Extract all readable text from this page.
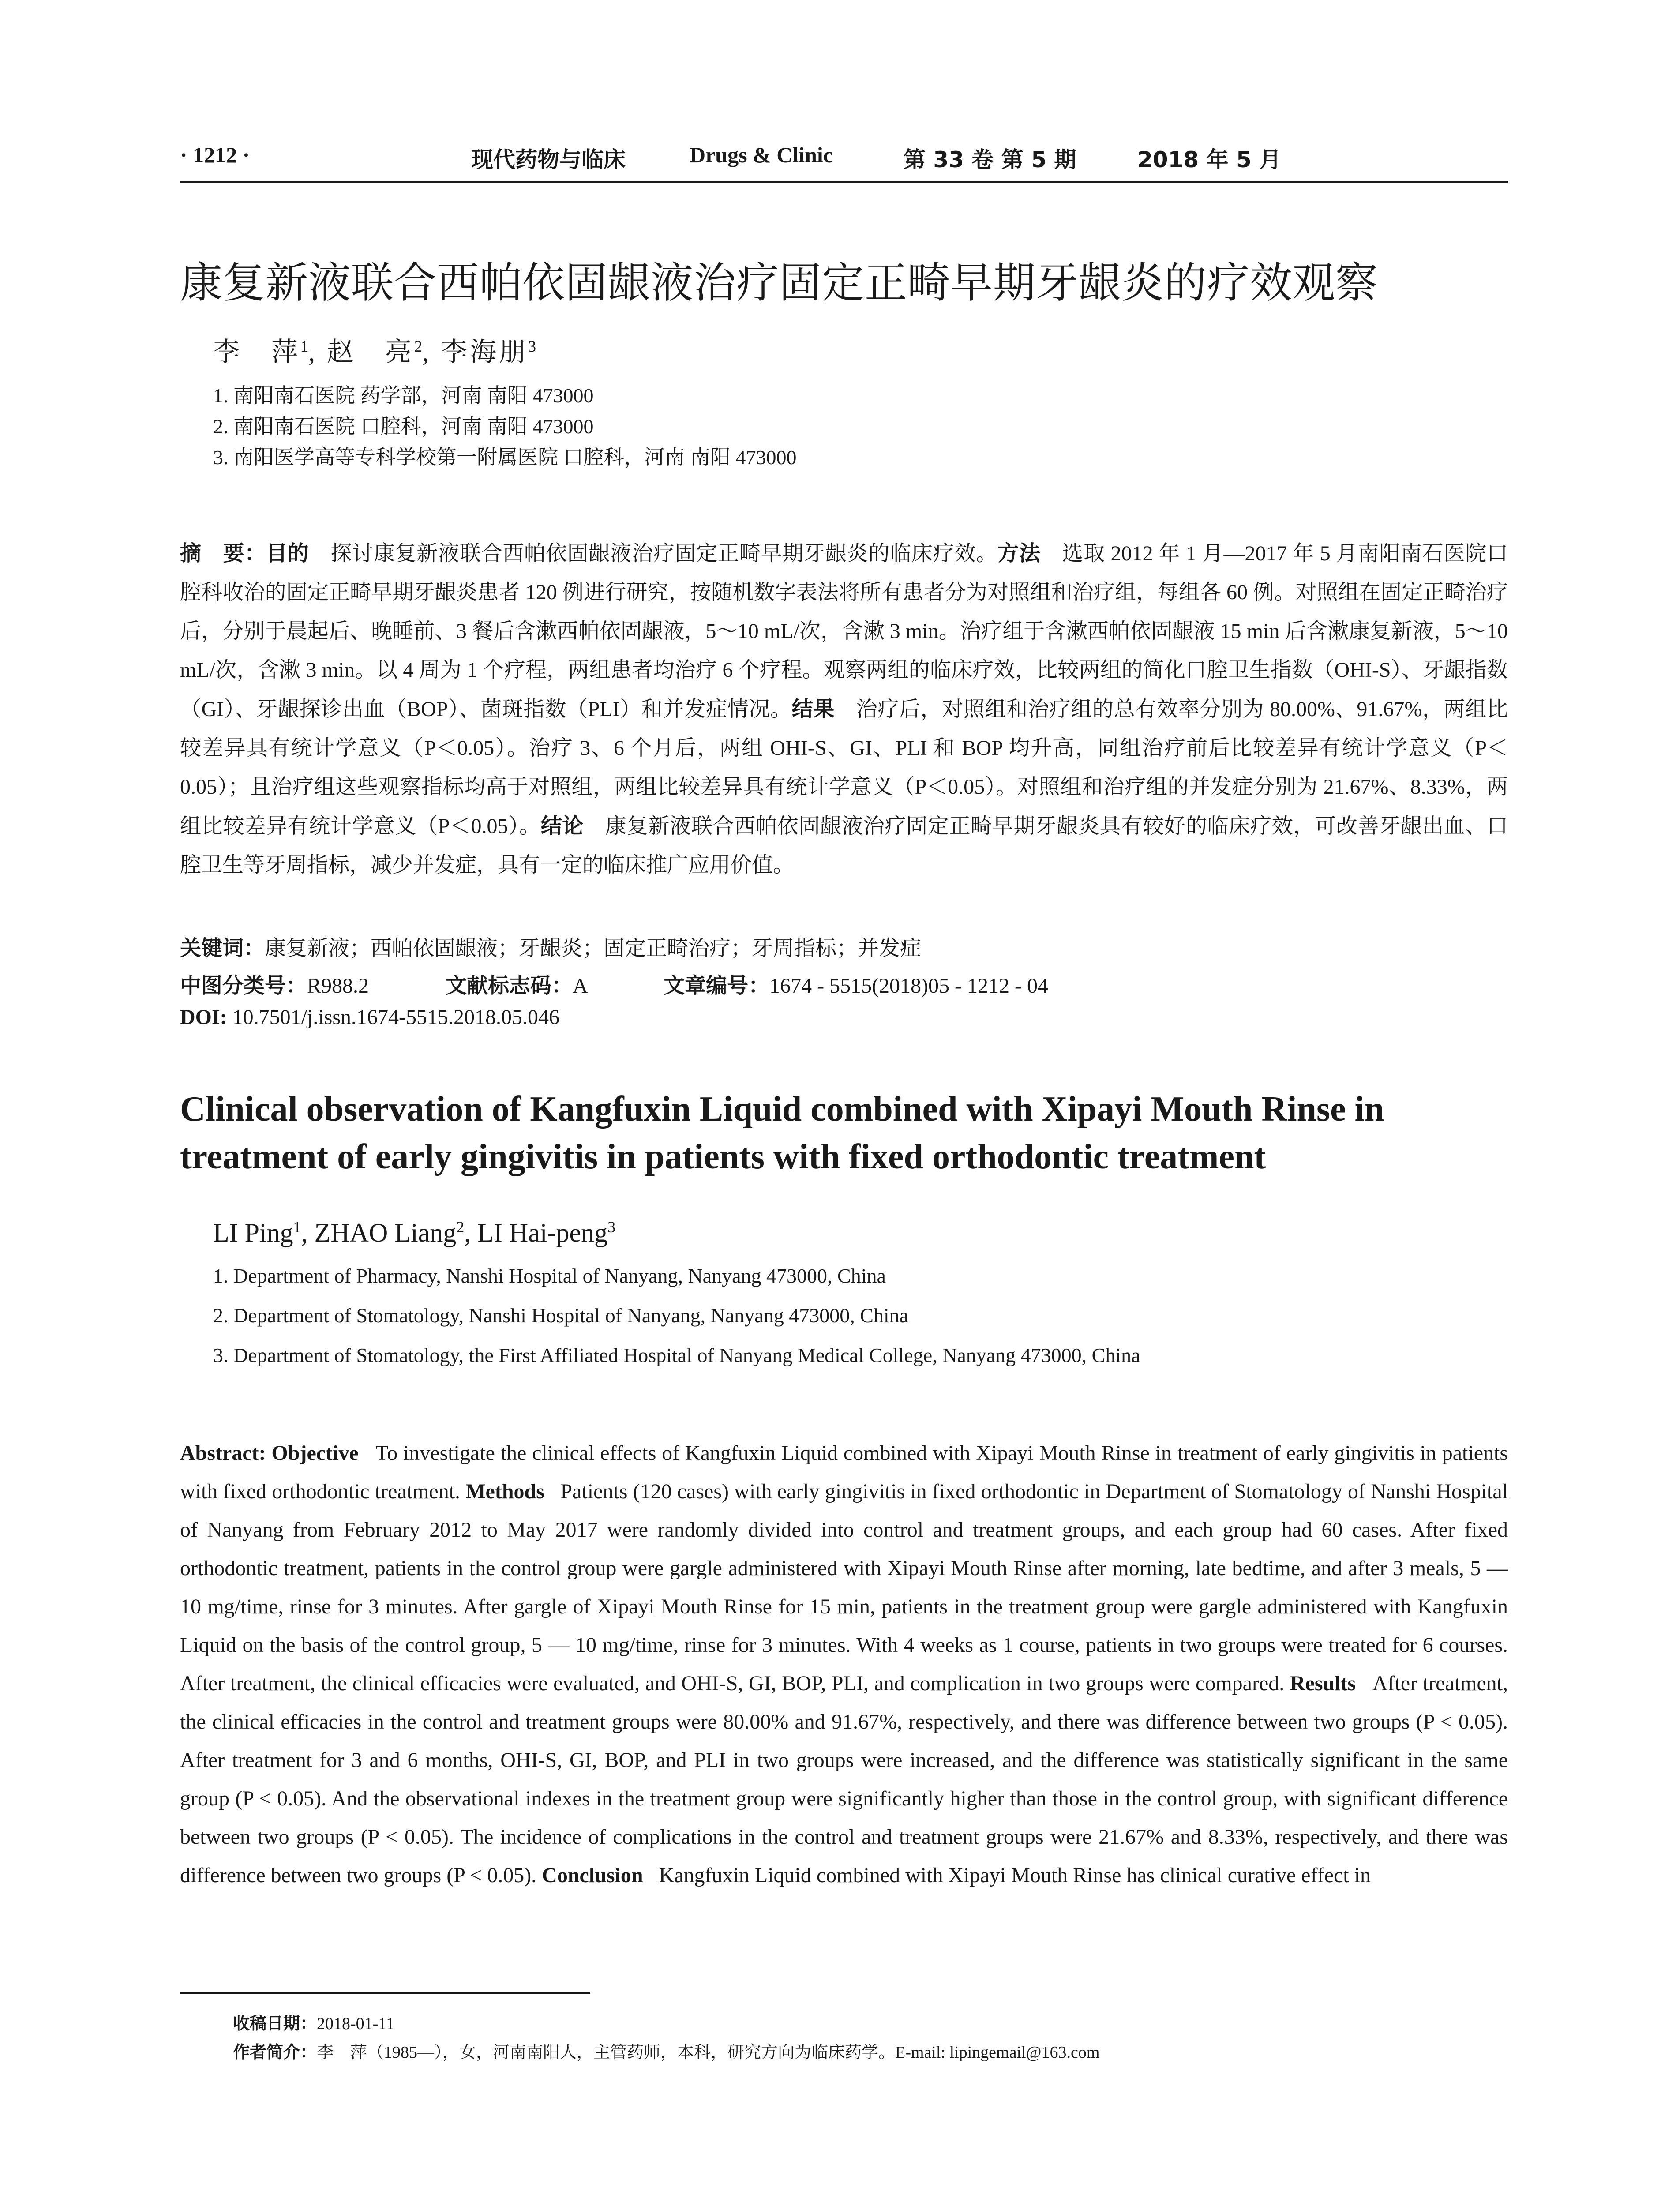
· 1212 ·	现代药物与临床	Drugs & Clinic	第 33 卷 第 5 期	2018 年 5 月
康复新液联合西帕依固龈液治疗固定正畸早期牙龈炎的疗效观察
李　萍$^1$, 赵　亮$^2$, 李海朋$^3$
1. 南阳南石医院 药学部，河南 南阳 473000
2. 南阳南石医院 口腔科，河南 南阳 473000
3. 南阳医学高等专科学校第一附属医院 口腔科，河南 南阳 473000
摘　要：目的　 探讨康复新液联合西帕依固龈液治疗固定正畸早期牙龈炎的临床疗效。方法　 选取 2012 年 1 月—2017 年 5 月南阳南石医院口腔科收治的固定正畸早期牙龈炎患者 120 例进行研究，按随机数字表法将所有患者分为对照组和治疗组，每组各 60 例。对照组在固定正畸治疗后，分别于晨起后、晚睡前、3 餐后含漱西帕依固龈液，5～10 mL/次，含漱 3 min。治疗组于含漱西帕依固龈液 15 min 后含漱康复新液，5～10 mL/次，含漱 3 min。以 4 周为 1 个疗程，两组患者均治疗 6 个疗程。观察两组的临床疗效，比较两组的简化口腔卫生指数（OHI-S）、牙龈指数（GI）、牙龈探诊出血（BOP）、菌斑指数（PLI）和并发症情况。结果　 治疗后，对照组和治疗组的总有效率分别为 80.00%、91.67%，两组比较差异具有统计学意义（P＜0.05）。治疗 3、6 个月后，两组 OHI-S、GI、PLI 和 BOP 均升高，同组治疗前后比较差异有统计学意义（P＜0.05）；且治疗组这些观察指标均高于对照组，两组比较差异具有统计学意义（P＜0.05）。对照组和治疗组的并发症分别为 21.67%、8.33%，两组比较差异有统计学意义（P＜0.05）。结论　 康复新液联合西帕依固龈液治疗固定正畸早期牙龈炎具有较好的临床疗效，可改善牙龈出血、口腔卫生等牙周指标，减少并发症，具有一定的临床推广应用价值。
关键词：康复新液；西帕依固龈液；牙龈炎；固定正畸治疗；牙周指标；并发症
中图分类号：R988.2	文献标志码：A	文章编号：1674 - 5515(2018)05 - 1212 - 04
DOI: 10.7501/j.issn.1674-5515.2018.05.046
Clinical observation of Kangfuxin Liquid combined with Xipayi Mouth Rinse in treatment of early gingivitis in patients with fixed orthodontic treatment
LI Ping$^1$, ZHAO Liang$^2$, LI Hai-peng$^3$
1. Department of Pharmacy, Nanshi Hospital of Nanyang, Nanyang 473000, China
2. Department of Stomatology, Nanshi Hospital of Nanyang, Nanyang 473000, China
3. Department of Stomatology, the First Affiliated Hospital of Nanyang Medical College, Nanyang 473000, China
Abstract: Objective To investigate the clinical effects of Kangfuxin Liquid combined with Xipayi Mouth Rinse in treatment of early gingivitis in patients with fixed orthodontic treatment. Methods Patients (120 cases) with early gingivitis in fixed orthodontic in Department of Stomatology of Nanshi Hospital of Nanyang from February 2012 to May 2017 were randomly divided into control and treatment groups, and each group had 60 cases. After fixed orthodontic treatment, patients in the control group were gargle administered with Xipayi Mouth Rinse after morning, late bedtime, and after 3 meals, 5 — 10 mg/time, rinse for 3 minutes. After gargle of Xipayi Mouth Rinse for 15 min, patients in the treatment group were gargle administered with Kangfuxin Liquid on the basis of the control group, 5 — 10 mg/time, rinse for 3 minutes. With 4 weeks as 1 course, patients in two groups were treated for 6 courses. After treatment, the clinical efficacies were evaluated, and OHI-S, GI, BOP, PLI, and complication in two groups were compared. Results After treatment, the clinical efficacies in the control and treatment groups were 80.00% and 91.67%, respectively, and there was difference between two groups (P < 0.05). After treatment for 3 and 6 months, OHI-S, GI, BOP, and PLI in two groups were increased, and the difference was statistically significant in the same group (P < 0.05). And the observational indexes in the treatment group were significantly higher than those in the control group, with significant difference between two groups (P < 0.05). The incidence of complications in the control and treatment groups were 21.67% and 8.33%, respectively, and there was difference between two groups (P < 0.05). Conclusion Kangfuxin Liquid combined with Xipayi Mouth Rinse has clinical curative effect in
收稿日期：2018-01-11
作者简介：李　萍（1985—），女，河南南阳人，主管药师，本科，研究方向为临床药学。E-mail: lipingemail@163.com
